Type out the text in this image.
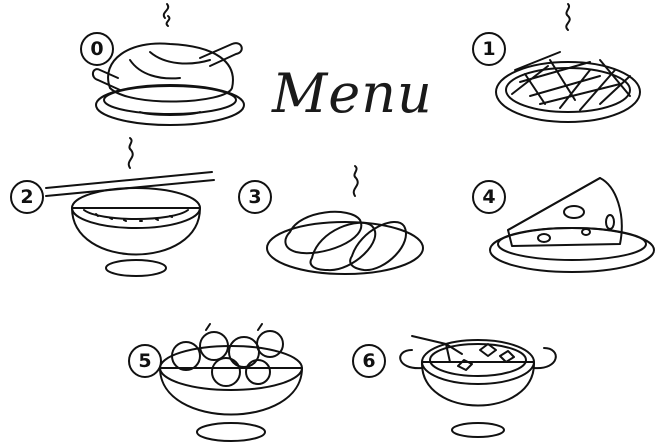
Menu
0	1
2	3	4
5	6
